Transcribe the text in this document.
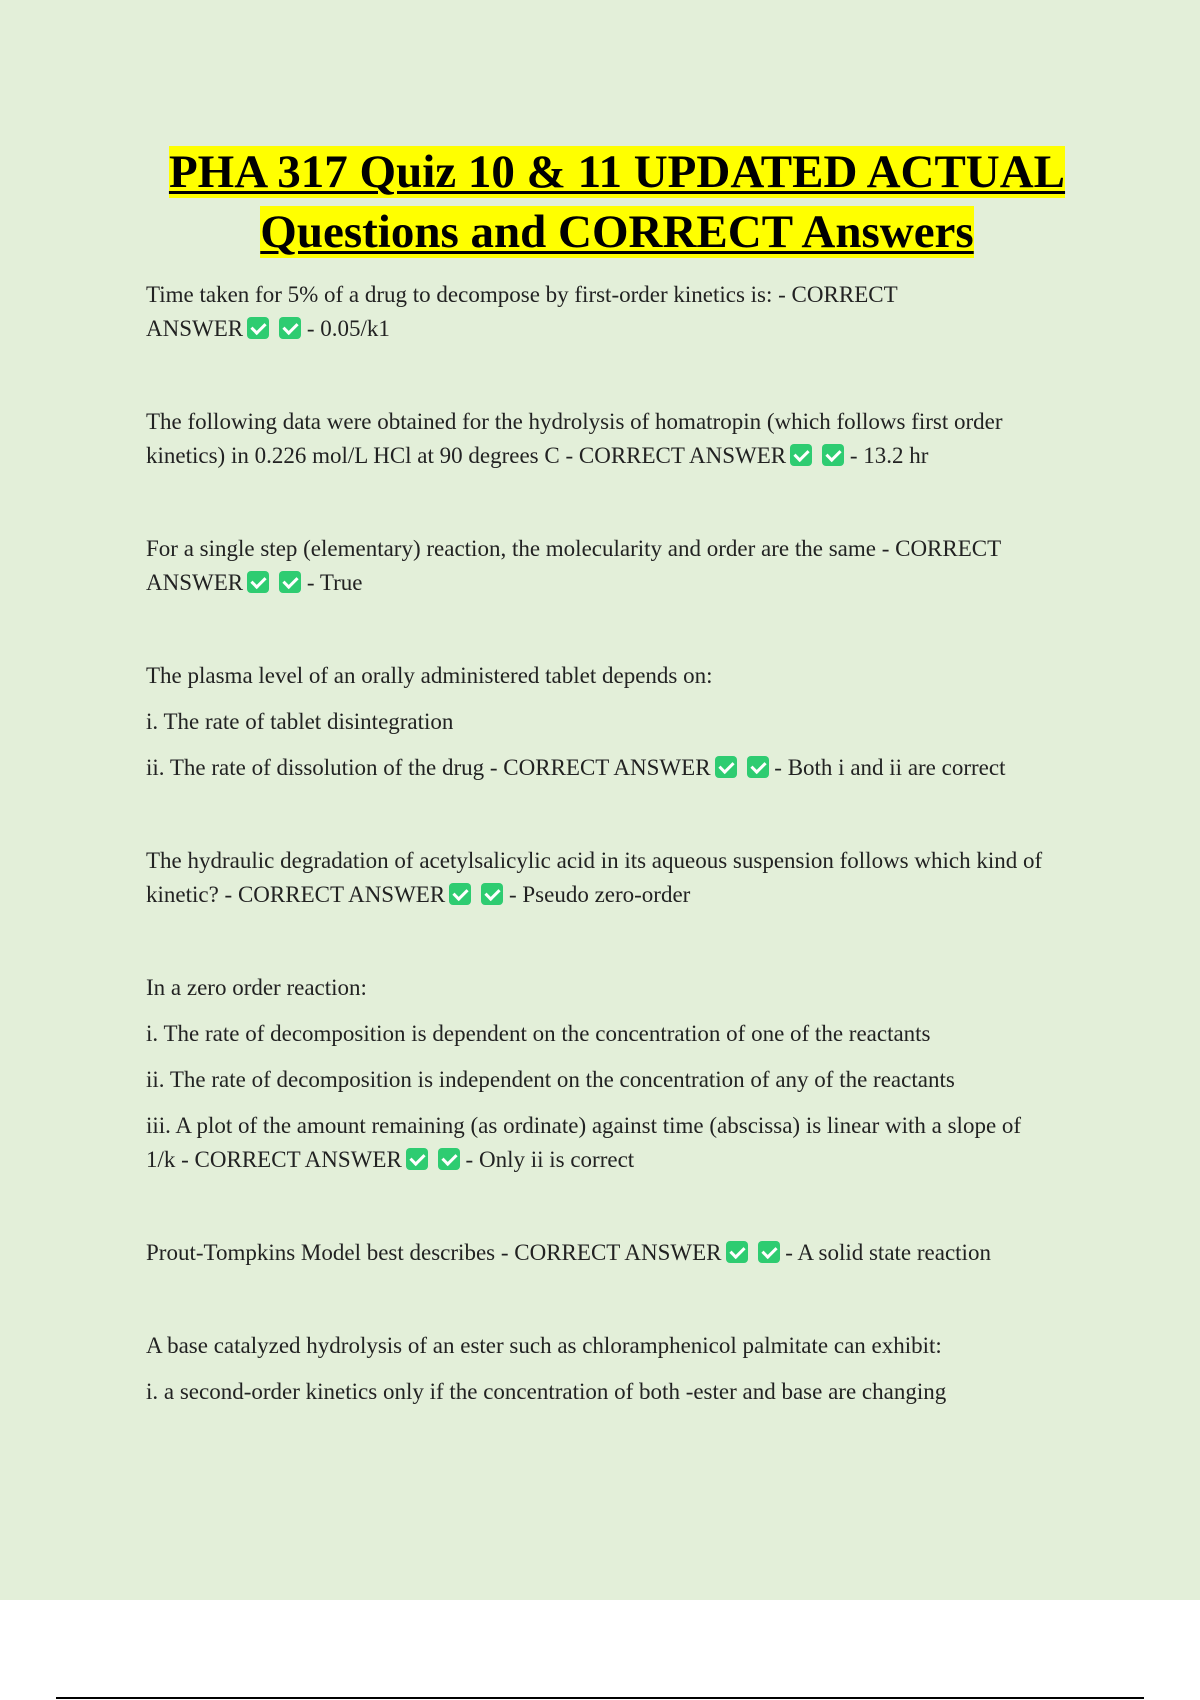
PHA 317 Quiz 10 & 11 UPDATED ACTUAL
Questions and CORRECT Answers

Time taken for 5% of a drug to decompose by first-order kinetics is: - CORRECT

ANSWER	- 0.05/k1

The following data were obtained for the hydrolysis of homatropin (which follows first order

kinetics) in 0.226 mol/L HCl at 90 degrees C - CORRECT ANSWER	- 13.2 hr

For a single step (elementary) reaction, the molecularity and order are the same - CORRECT

ANSWER	- True

The plasma level of an orally administered tablet depends on:

i. The rate of tablet disintegration

ii. The rate of dissolution of the drug - CORRECT ANSWER	- Both i and ii are correct

The hydraulic degradation of acetylsalicylic acid in its aqueous suspension follows which kind of

kinetic? - CORRECT ANSWER	- Pseudo zero-order

In a zero order reaction:

i. The rate of decomposition is dependent on the concentration of one of the reactants

ii. The rate of decomposition is independent on the concentration of any of the reactants

iii. A plot of the amount remaining (as ordinate) against time (abscissa) is linear with a slope of

1/k - CORRECT ANSWER	- Only ii is correct

Prout-Tompkins Model best describes - CORRECT ANSWER	- A solid state reaction

A base catalyzed hydrolysis of an ester such as chloramphenicol palmitate can exhibit:

i. a second-order kinetics only if the concentration of both -ester and base are changing
